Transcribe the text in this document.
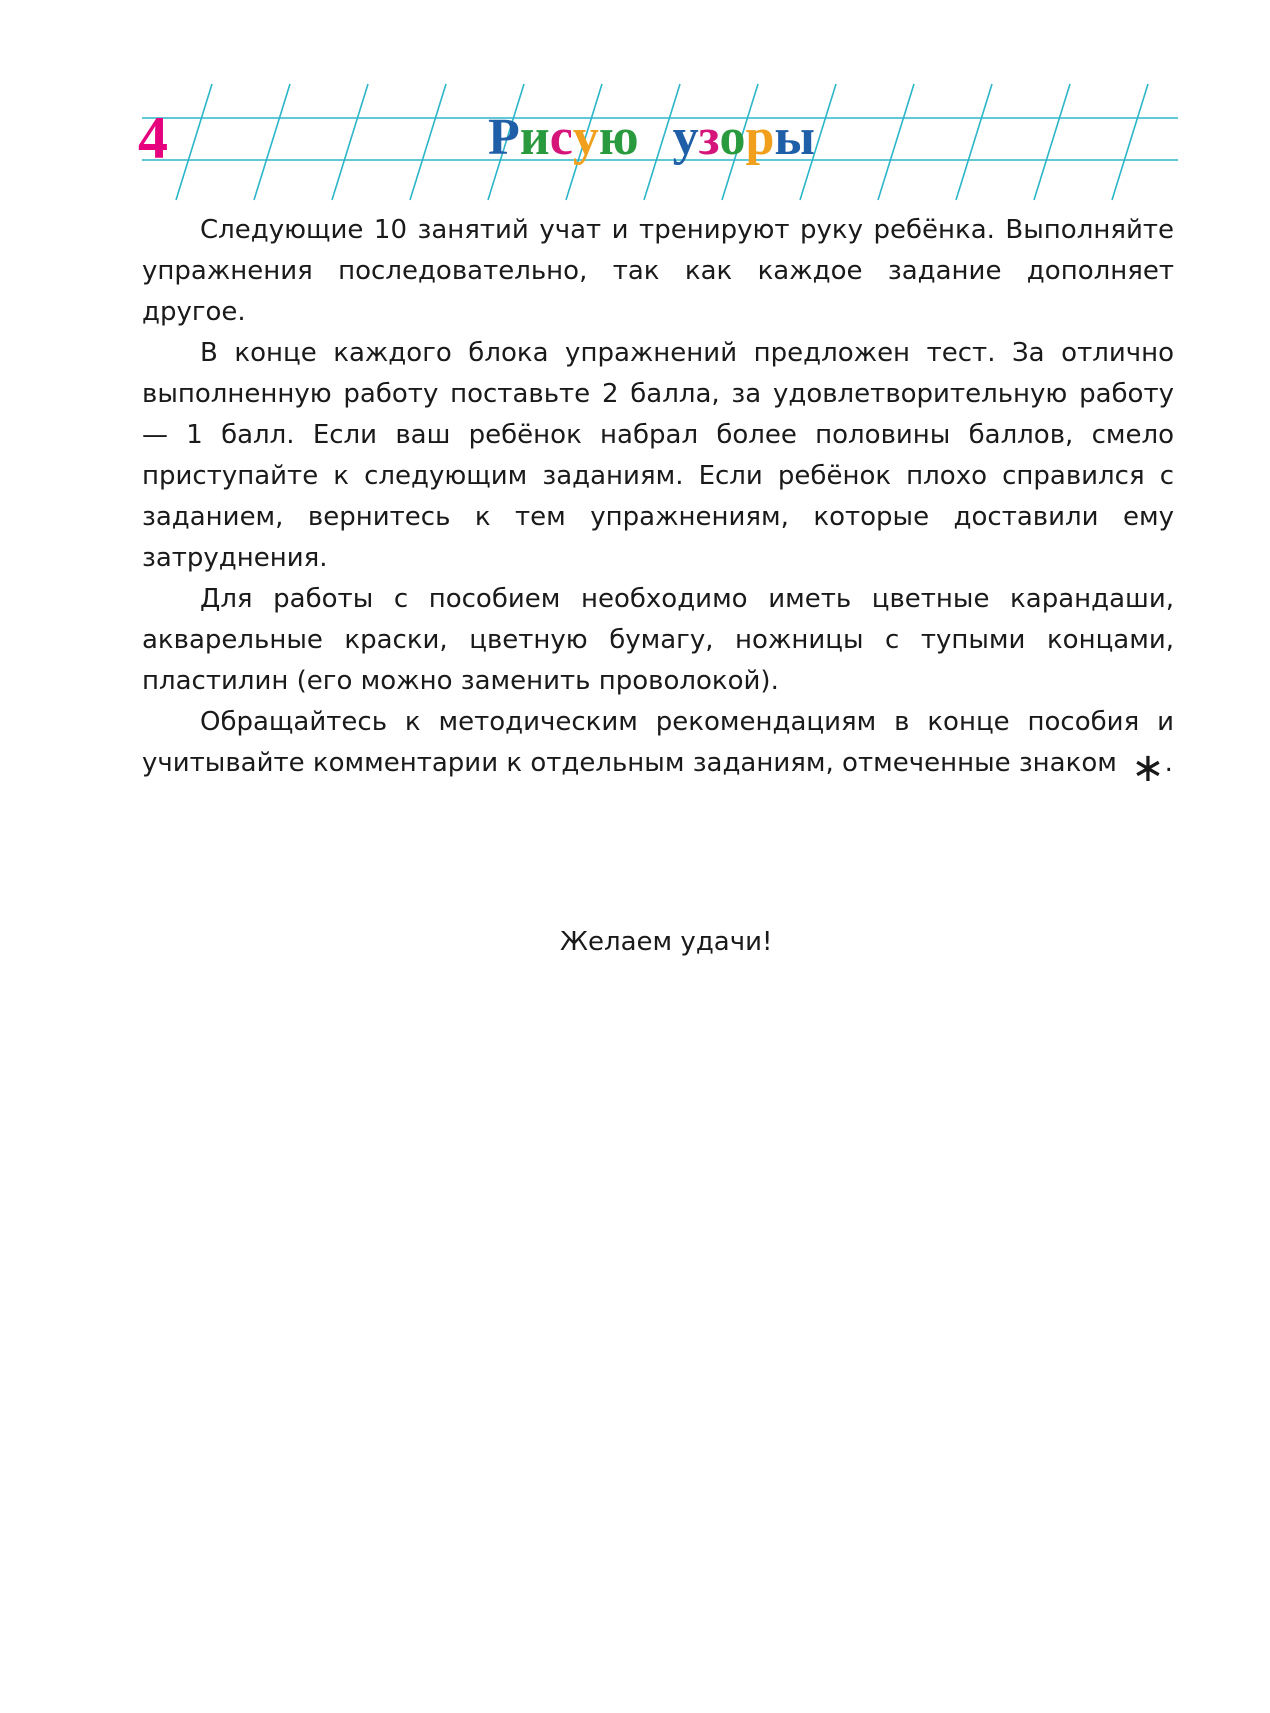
4	Рисую узоры

Следующие 10 занятий учат и тренируют руку ребёнка. Выполняйте упражнения последовательно, так как каждое задание дополняет другое.

В конце каждого блока упражнений предложен тест. За отлично выполненную работу поставьте 2 балла, за удовлетворительную работу — 1 балл. Если ваш ребёнок набрал более половины баллов, смело приступайте к следующим заданиям. Если ребёнок плохо справился с заданием, вернитесь к тем упражнениям, которые доставили ему затруднения.

Для работы с пособием необходимо иметь цветные карандаши, акварельные краски, цветную бумагу, ножницы с тупыми концами, пластилин (его можно заменить проволокой).

Обращайтесь к методическим рекомендациям в конце пособия и учитывайте комментарии к отдельным заданиям, отмеченные знаком ∗.

Желаем удачи!
